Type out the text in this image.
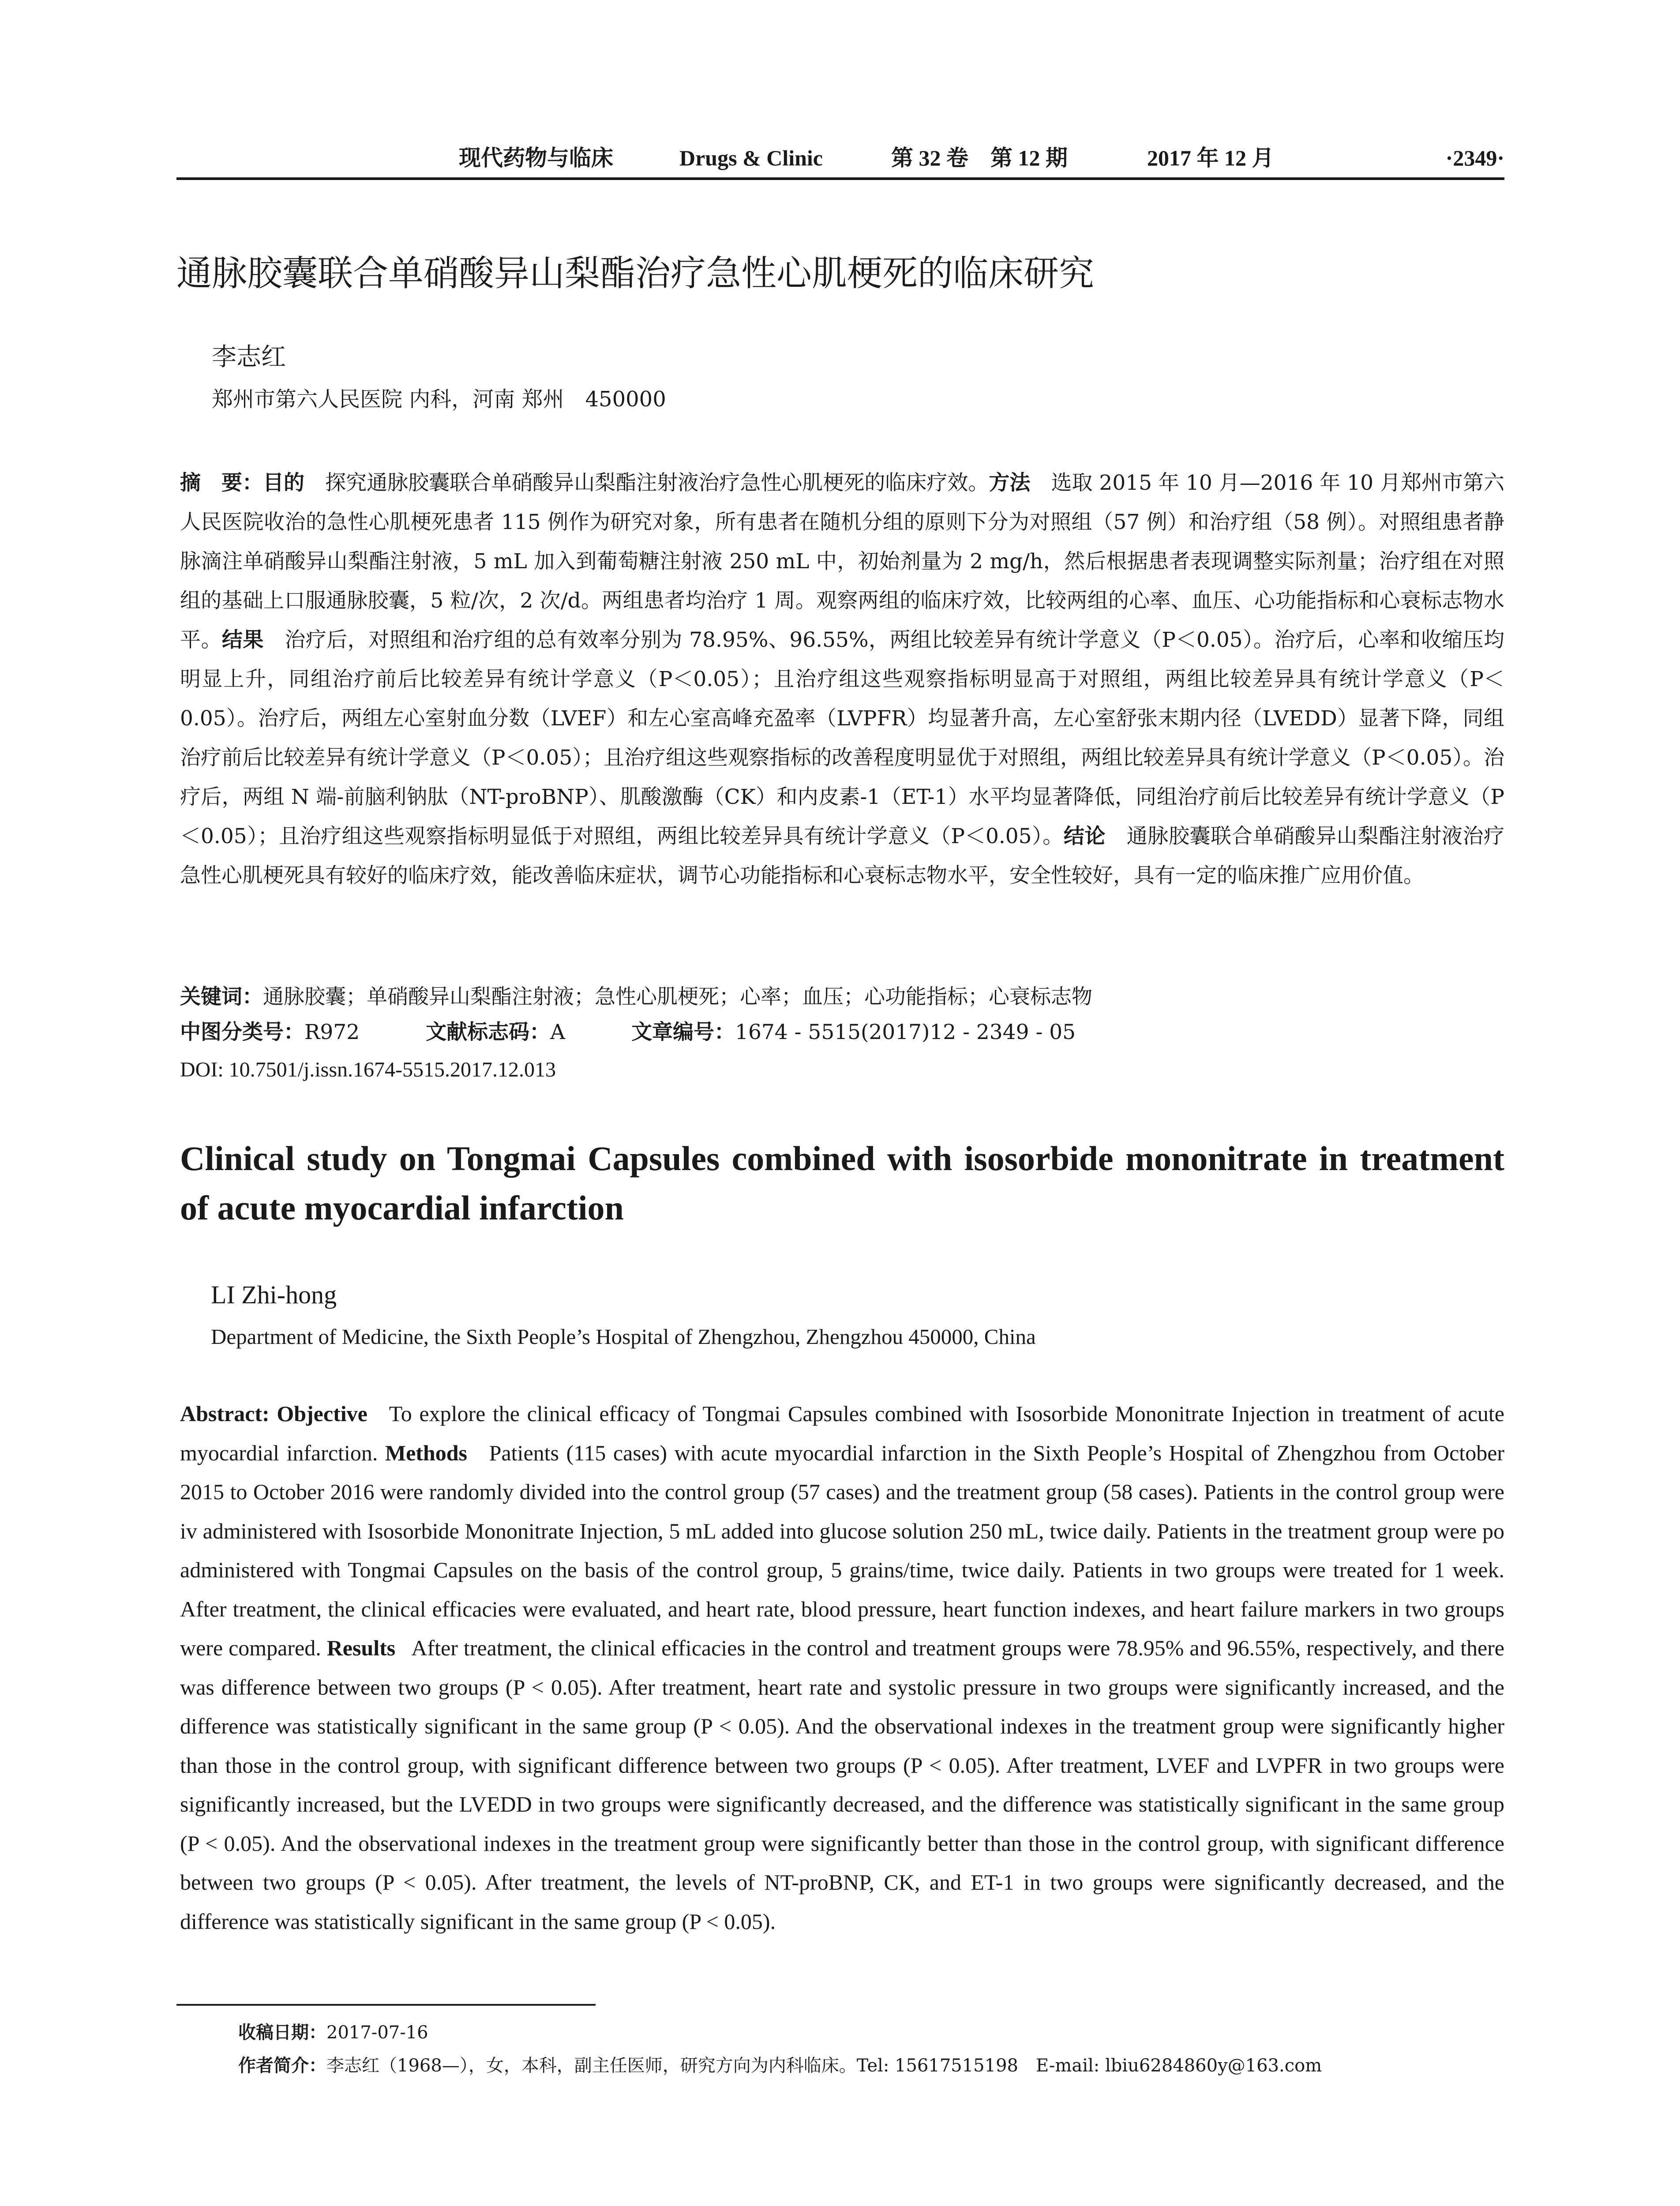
现代药物与临床	Drugs & Clinic	第 32 卷　第 12 期	2017 年 12 月	·2349·
通脉胶囊联合单硝酸异山梨酯治疗急性心肌梗死的临床研究
李志红
郑州市第六人民医院 内科，河南 郑州　450000

摘　要：目的　探究通脉胶囊联合单硝酸异山梨酯注射液治疗急性心肌梗死的临床疗效。方法　选取 2015 年 10 月—2016 年 10 月郑州市第六人民医院收治的急性心肌梗死患者 115 例作为研究对象，所有患者在随机分组的原则下分为对照组（57 例）和治疗组（58 例）。对照组患者静脉滴注单硝酸异山梨酯注射液，5 mL 加入到葡萄糖注射液 250 mL 中，初始剂量为 2 mg/h，然后根据患者表现调整实际剂量；治疗组在对照组的基础上口服通脉胶囊，5 粒/次，2 次/d。两组患者均治疗 1 周。观察两组的临床疗效，比较两组的心率、血压、心功能指标和心衰标志物水平。结果　治疗后，对照组和治疗组的总有效率分别为 78.95%、96.55%，两组比较差异有统计学意义（P＜0.05）。治疗后，心率和收缩压均明显上升，同组治疗前后比较差异有统计学意义（P＜0.05）；且治疗组这些观察指标明显高于对照组，两组比较差异具有统计学意义（P＜0.05）。治疗后，两组左心室射血分数（LVEF）和左心室高峰充盈率（LVPFR）均显著升高，左心室舒张末期内径（LVEDD）显著下降，同组治疗前后比较差异有统计学意义（P＜0.05）；且治疗组这些观察指标的改善程度明显优于对照组，两组比较差异具有统计学意义（P＜0.05）。治疗后，两组 N 端-前脑利钠肽（NT-proBNP）、肌酸激酶（CK）和内皮素-1（ET-1）水平均显著降低，同组治疗前后比较差异有统计学意义（P＜0.05）；且治疗组这些观察指标明显低于对照组，两组比较差异具有统计学意义（P＜0.05）。结论　通脉胶囊联合单硝酸异山梨酯注射液治疗急性心肌梗死具有较好的临床疗效，能改善临床症状，调节心功能指标和心衰标志物水平，安全性较好，具有一定的临床推广应用价值。

关键词：通脉胶囊；单硝酸异山梨酯注射液；急性心肌梗死；心率；血压；心功能指标；心衰标志物
中图分类号：R972	文献标志码：A	文章编号：1674 - 5515(2017)12 - 2349 - 05
DOI: 10.7501/j.issn.1674-5515.2017.12.013
Clinical study on Tongmai Capsules combined with isosorbide mononitrate in treatment of acute myocardial infarction
LI Zhi-hong
Department of Medicine, the Sixth People’s Hospital of Zhengzhou, Zhengzhou 450000, China

Abstract: Objective To explore the clinical efficacy of Tongmai Capsules combined with Isosorbide Mononitrate Injection in treatment of acute myocardial infarction. Methods Patients (115 cases) with acute myocardial infarction in the Sixth People’s Hospital of Zhengzhou from October 2015 to October 2016 were randomly divided into the control group (57 cases) and the treatment group (58 cases). Patients in the control group were iv administered with Isosorbide Mononitrate Injection, 5 mL added into glucose solution 250 mL, twice daily. Patients in the treatment group were po administered with Tongmai Capsules on the basis of the control group, 5 grains/time, twice daily. Patients in two groups were treated for 1 week. After treatment, the clinical efficacies were evaluated, and heart rate, blood pressure, heart function indexes, and heart failure markers in two groups were compared. Results After treatment, the clinical efficacies in the control and treatment groups were 78.95% and 96.55%, respectively, and there was difference between two groups (P < 0.05). After treatment, heart rate and systolic pressure in two groups were significantly increased, and the difference was statistically significant in the same group (P < 0.05). And the observational indexes in the treatment group were significantly higher than those in the control group, with significant difference between two groups (P < 0.05). After treatment, LVEF and LVPFR in two groups were significantly increased, but the LVEDD in two groups were significantly decreased, and the difference was statistically significant in the same group (P < 0.05). And the observational indexes in the treatment group were significantly better than those in the control group, with significant difference between two groups (P < 0.05). After treatment, the levels of NT-proBNP, CK, and ET-1 in two groups were significantly decreased, and the difference was statistically significant in the same group (P < 0.05).

收稿日期：2017-07-16
作者简介：李志红（1968—），女，本科，副主任医师，研究方向为内科临床。Tel: 15617515198　E-mail: lbiu6284860y@163.com
